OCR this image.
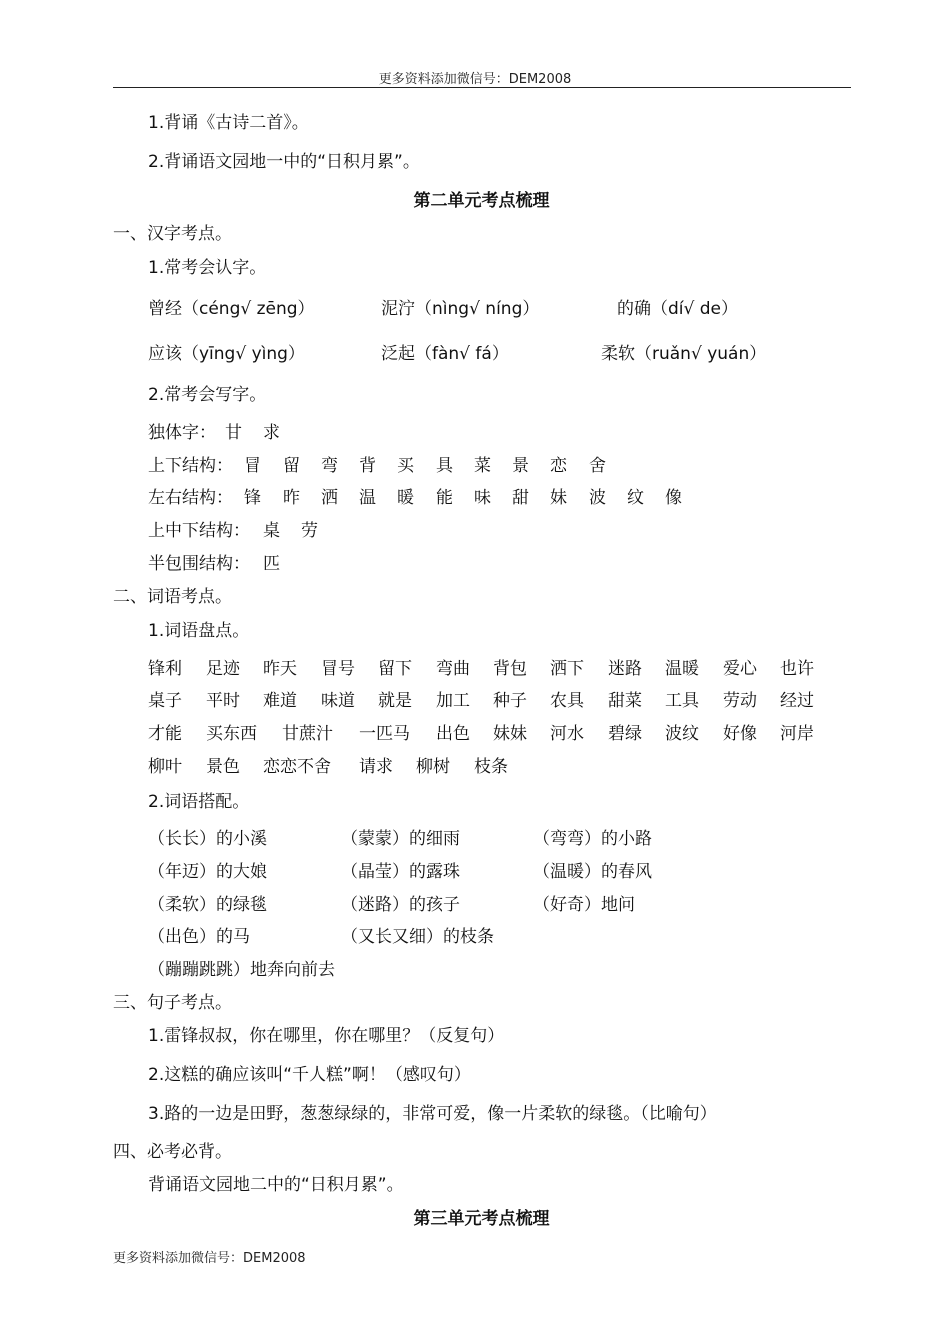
更多资料添加微信号：DEM2008
1.背诵《古诗二首》。
2.背诵语文园地一中的“日积月累”。
第二单元考点梳理
一、汉字考点。
1.常考会认字。
曾经（céng√ zēng）	泥泞（nìng√ níng）	的确（dí√ de）
应该（yīng√ yìng）	泛起（fàn√ fá）	柔软（ruǎn√ yuán）
2.常考会写字。
独体字： 甘 求
上下结构： 冒 留 弯 背 买 具 菜 景 恋 舍
左右结构： 锋 昨 洒 温 暖 能 味 甜 妹 波 纹 像
上中下结构： 桌 劳
半包围结构： 匹
二、词语考点。
1.词语盘点。
锋利 足迹 昨天 冒号 留下 弯曲 背包 洒下 迷路 温暖 爱心 也许
桌子 平时 难道 味道 就是 加工 种子 农具 甜菜 工具 劳动 经过
才能 买东西 甘蔗汁 一匹马 出色 妹妹 河水 碧绿 波纹 好像 河岸
柳叶 景色 恋恋不舍 请求 柳树 枝条
2.词语搭配。
（长长）的小溪	（蒙蒙）的细雨	（弯弯）的小路
（年迈）的大娘	（晶莹）的露珠	（温暖）的春风
（柔软）的绿毯	（迷路）的孩子	（好奇）地问
（出色）的马	（又长又细）的枝条
（蹦蹦跳跳）地奔向前去
三、句子考点。
1.雷锋叔叔，你在哪里，你在哪里？（反复句）
2.这糕的确应该叫“千人糕”啊！（感叹句）
3.路的一边是田野，葱葱绿绿的，非常可爱，像一片柔软的绿毯。（比喻句）
四、必考必背。
背诵语文园地二中的“日积月累”。
第三单元考点梳理
更多资料添加微信号：DEM2008
